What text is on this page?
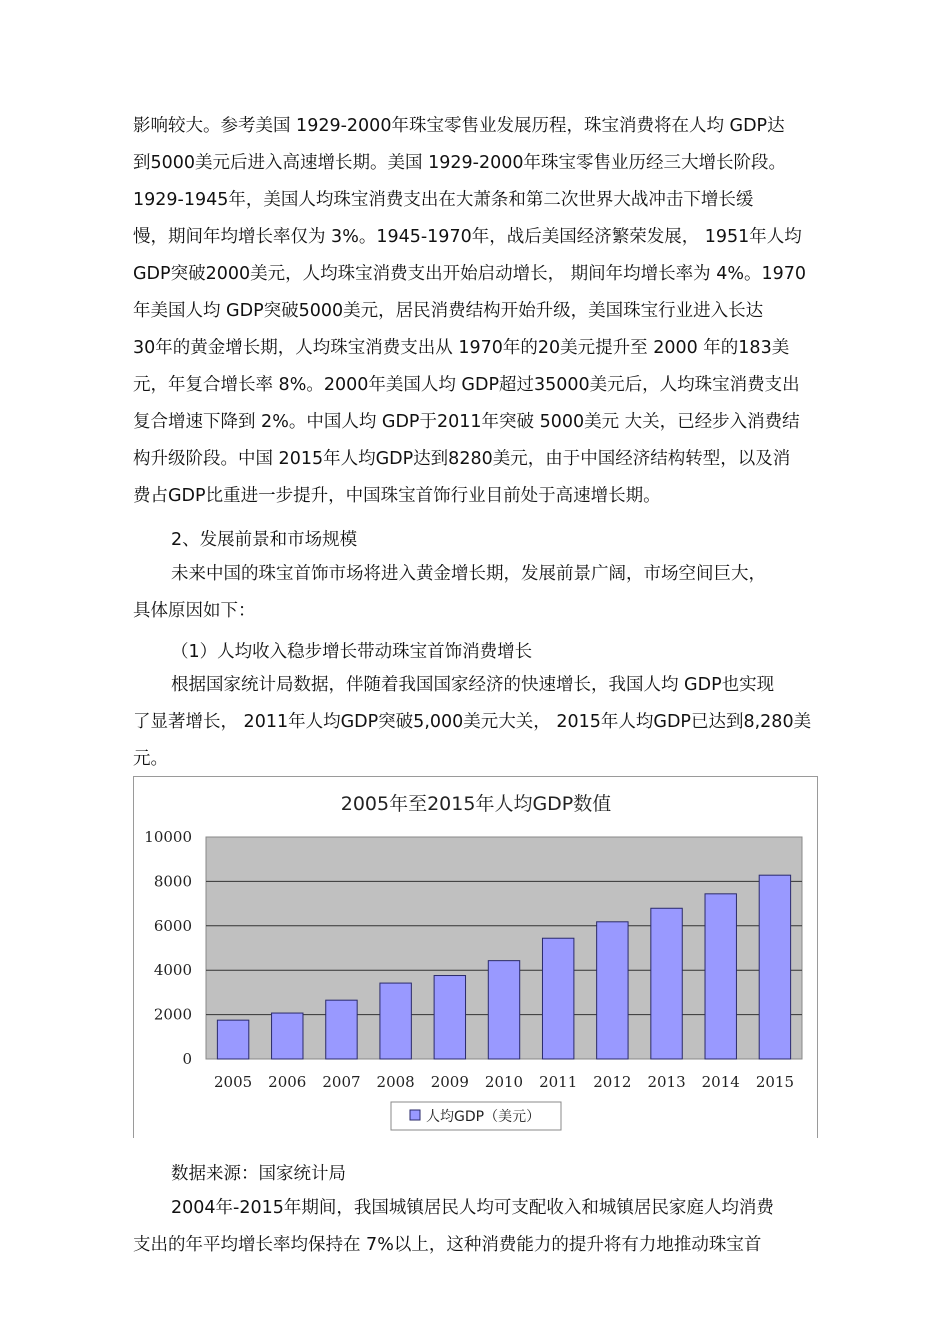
影响较大。参考美国 1929-2000年珠宝零售业发展历程，珠宝消费将在人均 GDP达
到5000美元后进入高速增长期。美国 1929-2000年珠宝零售业历经三大增长阶段。
1929-1945年，美国人均珠宝消费支出在大萧条和第二次世界大战冲击下增长缓
慢，期间年均增长率仅为 3%。1945-1970年，战后美国经济繁荣发展， 1951年人均
GDP突破2000美元，人均珠宝消费支出开始启动增长， 期间年均增长率为 4%。1970
年美国人均 GDP突破5000美元，居民消费结构开始升级，美国珠宝行业进入长达
30年的黄金增长期，人均珠宝消费支出从 1970年的20美元提升至 2000 年的183美
元，年复合增长率 8%。2000年美国人均 GDP超过35000美元后，人均珠宝消费支出
复合增速下降到 2%。中国人均 GDP于2011年突破 5000美元 大关，已经步入消费结
构升级阶段。中国 2015年人均GDP达到8280美元，由于中国经济结构转型，以及消
费占GDP比重进一步提升，中国珠宝首饰行业目前处于高速增长期。
2、发展前景和市场规模
未来中国的珠宝首饰市场将进入黄金增长期，发展前景广阔，市场空间巨大，
具体原因如下：
（1）人均收入稳步增长带动珠宝首饰消费增长
根据国家统计局数据，伴随着我国国家经济的快速增长，我国人均 GDP也实现
了显著增长， 2011年人均GDP突破5,000美元大关， 2015年人均GDP已达到8,280美
元。
2005年至2015年人均GDP数值
0
2000
4000
6000
8000
10000
2005 2006 2007 2008 2009 2010 2011 2012 2013 2014 2015
人均GDP（美元）
数据来源：国家统计局
2004年-2015年期间，我国城镇居民人均可支配收入和城镇居民家庭人均消费
支出的年平均增长率均保持在 7%以上，这种消费能力的提升将有力地推动珠宝首
